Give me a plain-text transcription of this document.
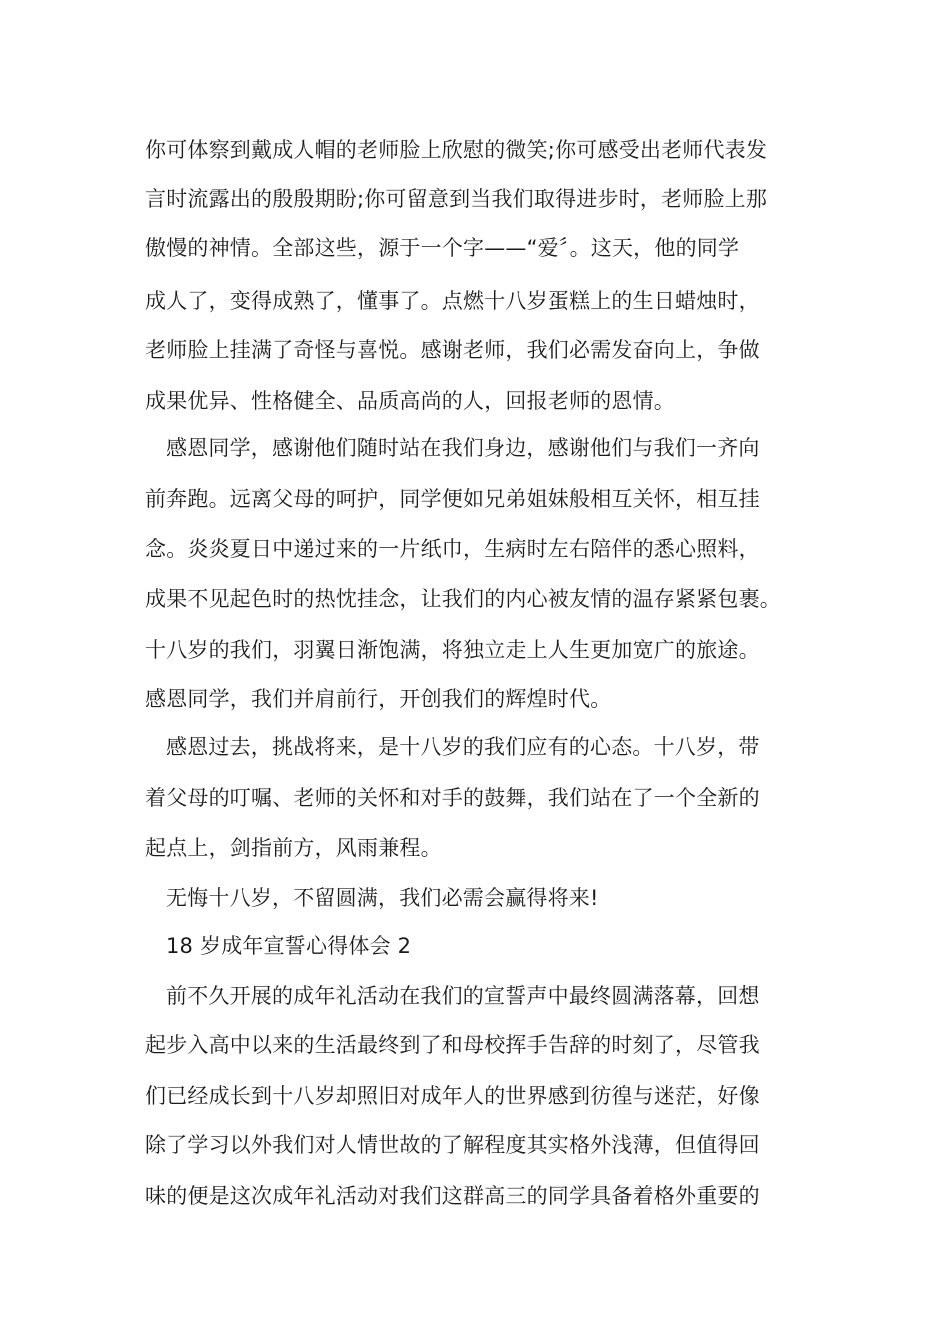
你可体察到戴成人帽的老师脸上欣慰的微笑;你可感受出老师代表发
言时流露出的殷殷期盼;你可留意到当我们取得进步时，老师脸上那
傲慢的神情。全部这些，源于一个字——“爱〞。这天，他的同学
成人了，变得成熟了，懂事了。点燃十八岁蛋糕上的生日蜡烛时，
老师脸上挂满了奇怪与喜悦。感谢老师，我们必需发奋向上，争做
成果优异、性格健全、品质高尚的人，回报老师的恩情。
感恩同学，感谢他们随时站在我们身边，感谢他们与我们一齐向
前奔跑。远离父母的呵护，同学便如兄弟姐妹般相互关怀，相互挂
念。炎炎夏日中递过来的一片纸巾，生病时左右陪伴的悉心照料，
成果不见起色时的热忱挂念，让我们的内心被友情的温存紧紧包裹。
十八岁的我们，羽翼日渐饱满，将独立走上人生更加宽广的旅途。
感恩同学，我们并肩前行，开创我们的辉煌时代。
感恩过去，挑战将来，是十八岁的我们应有的心态。十八岁，带
着父母的叮嘱、老师的关怀和对手的鼓舞，我们站在了一个全新的
起点上，剑指前方，风雨兼程。
无悔十八岁，不留圆满，我们必需会赢得将来!
18 岁成年宣誓心得体会 2
前不久开展的成年礼活动在我们的宣誓声中最终圆满落幕，回想
起步入高中以来的生活最终到了和母校挥手告辞的时刻了，尽管我
们已经成长到十八岁却照旧对成年人的世界感到彷徨与迷茫，好像
除了学习以外我们对人情世故的了解程度其实格外浅薄，但值得回
味的便是这次成年礼活动对我们这群高三的同学具备着格外重要的
